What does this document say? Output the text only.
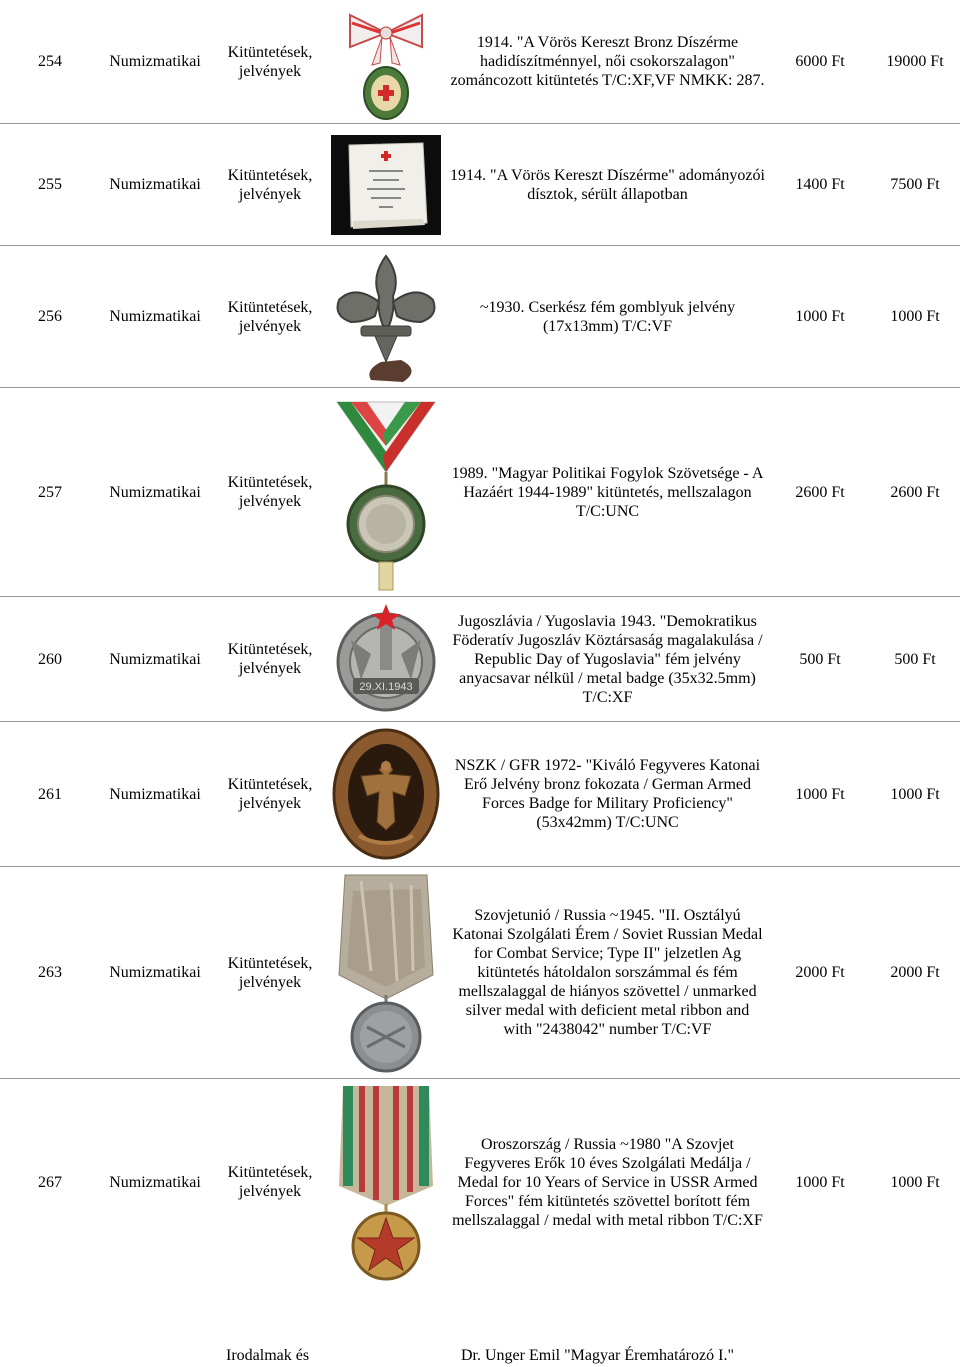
254	Numizmatikai
Kitüntetések, jelvények
1914. "A Vörös Kereszt Bronz Díszérme hadidíszítménnyel, női csokorszalagon" zománcozott kitüntetés T/C:XF,VF NMKK: 287.
6000 Ft	19000 Ft
255	Numizmatikai
Kitüntetések, jelvények
1914. "A Vörös Kereszt Díszérme" adományozói dísztok, sérült állapotban
1400 Ft	7500 Ft
256	Numizmatikai
Kitüntetések, jelvények
~1930. Cserkész fém gomblyuk jelvény (17x13mm) T/C:VF
1000 Ft	1000 Ft
257	Numizmatikai
Kitüntetések, jelvények
1989. "Magyar Politikai Fogylok Szövetsége - A Hazáért 1944-1989" kitüntetés, mellszalagon T/C:UNC
2600 Ft	2600 Ft
260	Numizmatikai
Kitüntetések, jelvények
29.XI.1943
Jugoszlávia / Yugoslavia 1943. "Demokratikus Föderatív Jugoszláv Köztársaság magalakulása / Republic Day of Yugoslavia" fém jelvény anyacsavar nélkül / metal badge (35x32.5mm) T/C:XF
500 Ft	500 Ft
261	Numizmatikai
Kitüntetések, jelvények
NSZK / GFR 1972- "Kiváló Fegyveres Katonai Erő Jelvény bronz fokozata / German Armed Forces Badge for Military Proficiency" (53x42mm) T/C:UNC
1000 Ft	1000 Ft
263	Numizmatikai
Kitüntetések, jelvények
Szovjetunió / Russia ~1945. "II. Osztályú Katonai Szolgálati Érem / Soviet Russian Medal for Combat Service; Type II" jelzetlen Ag kitüntetés hátoldalon sorszámmal és fém mellszalaggal de hiányos szövettel / unmarked silver medal with deficient metal ribbon and with "2438042" number T/C:VF
2000 Ft	2000 Ft
267	Numizmatikai
Kitüntetések, jelvények
Oroszország / Russia ~1980 "A Szovjet Fegyveres Erők 10 éves Szolgálati Medálja / Medal for 10 Years of Service in USSR Armed Forces" fém kitüntetés szövettel borított fém mellszalaggal / medal with metal ribbon T/C:XF
1000 Ft	1000 Ft
Irodalmak és	Dr. Unger Emil "Magyar Éremhatározó I."
